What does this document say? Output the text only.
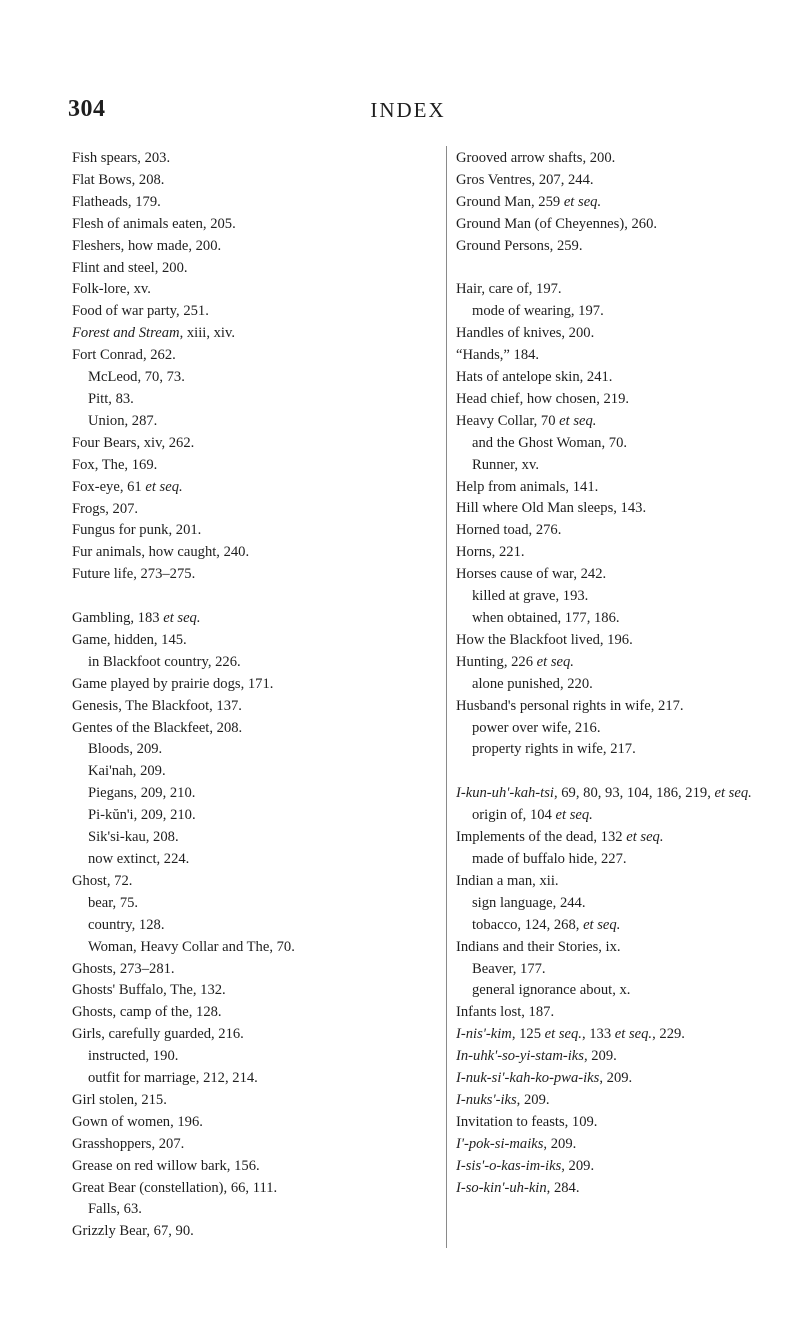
304	INDEX
Fish spears, 203.
Flat Bows, 208.
Flatheads, 179.
Flesh of animals eaten, 205.
Fleshers, how made, 200.
Flint and steel, 200.
Folk-lore, xv.
Food of war party, 251.
Forest and Stream, xiii, xiv.
Fort Conrad, 262.
McLeod, 70, 73.
Pitt, 83.
Union, 287.
Four Bears, xiv, 262.
Fox, The, 169.
Fox-eye, 61 et seq.
Frogs, 207.
Fungus for punk, 201.
Fur animals, how caught, 240.
Future life, 273–275.
Gambling, 183 et seq.
Game, hidden, 145.
in Blackfoot country, 226.
Game played by prairie dogs, 171.
Genesis, The Blackfoot, 137.
Gentes of the Blackfeet, 208.
Bloods, 209.
Kai'nah, 209.
Piegans, 209, 210.
Pi-kŭn'i, 209, 210.
Sik'si-kau, 208.
now extinct, 224.
Ghost, 72.
bear, 75.
country, 128.
Woman, Heavy Collar and The, 70.
Ghosts, 273–281.
Ghosts' Buffalo, The, 132.
Ghosts, camp of the, 128.
Girls, carefully guarded, 216.
instructed, 190.
outfit for marriage, 212, 214.
Girl stolen, 215.
Gown of women, 196.
Grasshoppers, 207.
Grease on red willow bark, 156.
Great Bear (constellation), 66, 111.
Falls, 63.
Grizzly Bear, 67, 90.
Grooved arrow shafts, 200.
Gros Ventres, 207, 244.
Ground Man, 259 et seq.
Ground Man (of Cheyennes), 260.
Ground Persons, 259.
Hair, care of, 197.
mode of wearing, 197.
Handles of knives, 200.
“Hands,” 184.
Hats of antelope skin, 241.
Head chief, how chosen, 219.
Heavy Collar, 70 et seq.
and the Ghost Woman, 70.
Runner, xv.
Help from animals, 141.
Hill where Old Man sleeps, 143.
Horned toad, 276.
Horns, 221.
Horses cause of war, 242.
killed at grave, 193.
when obtained, 177, 186.
How the Blackfoot lived, 196.
Hunting, 226 et seq.
alone punished, 220.
Husband's personal rights in wife, 217.
power over wife, 216.
property rights in wife, 217.
I-kun-uh'-kah-tsi, 69, 80, 93, 104, 186, 219, et seq.
origin of, 104 et seq.
Implements of the dead, 132 et seq.
made of buffalo hide, 227.
Indian a man, xii.
sign language, 244.
tobacco, 124, 268, et seq.
Indians and their Stories, ix.
Beaver, 177.
general ignorance about, x.
Infants lost, 187.
I-nis'-kim, 125 et seq., 133 et seq., 229.
In-uhk'-so-yi-stam-iks, 209.
I-nuk-si'-kah-ko-pwa-iks, 209.
I-nuks'-iks, 209.
Invitation to feasts, 109.
I'-pok-si-maiks, 209.
I-sis'-o-kas-im-iks, 209.
I-so-kin'-uh-kin, 284.
